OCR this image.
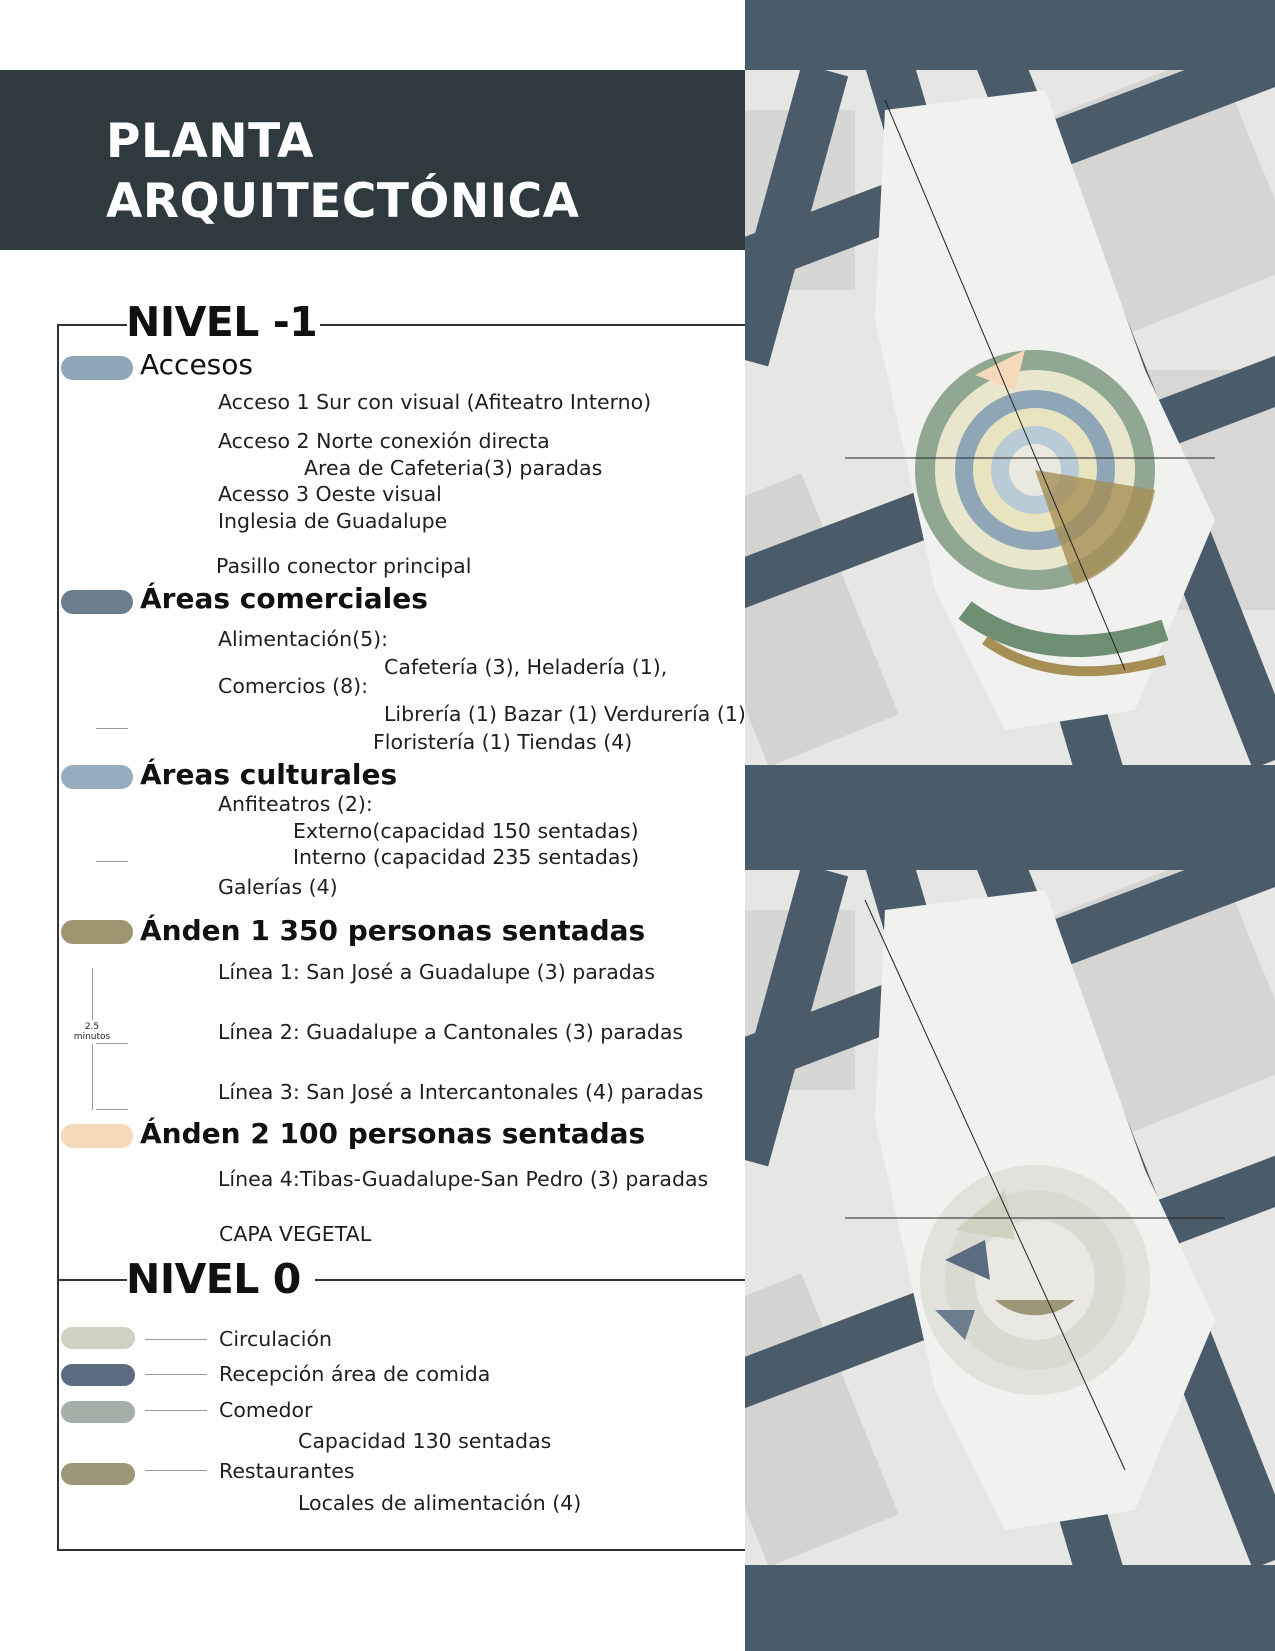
PLANTA
ARQUITECTÓNICA
NIVEL -1
Accesos
Acceso 1 Sur con visual (Afiteatro Interno)
Acceso 2 Norte conexión directa
Area de Cafeteria(3) paradas
Acesso 3 Oeste visual
Inglesia de Guadalupe
Pasillo conector principal
Áreas comerciales
Alimentación(5):
Cafetería (3), Heladería (1),
Comercios (8):
Librería (1) Bazar (1) Verdurería (1)
Floristería (1) Tiendas (4)
Áreas culturales
Anfiteatros (2):
Externo(capacidad 150 sentadas)
Interno (capacidad 235 sentadas)
Galerías (4)
Ánden 1 350 personas sentadas
Línea 1: San José a Guadalupe (3) paradas
Línea 2: Guadalupe a Cantonales (3) paradas
Línea 3: San José a Intercantonales (4) paradas
2.5
minutos
Ánden 2 100 personas sentadas
Línea 4:Tibas-Guadalupe-San Pedro (3) paradas
CAPA VEGETAL
NIVEL 0
Circulación
Recepción área de comida
Comedor
Capacidad 130 sentadas
Restaurantes
Locales de alimentación (4)
